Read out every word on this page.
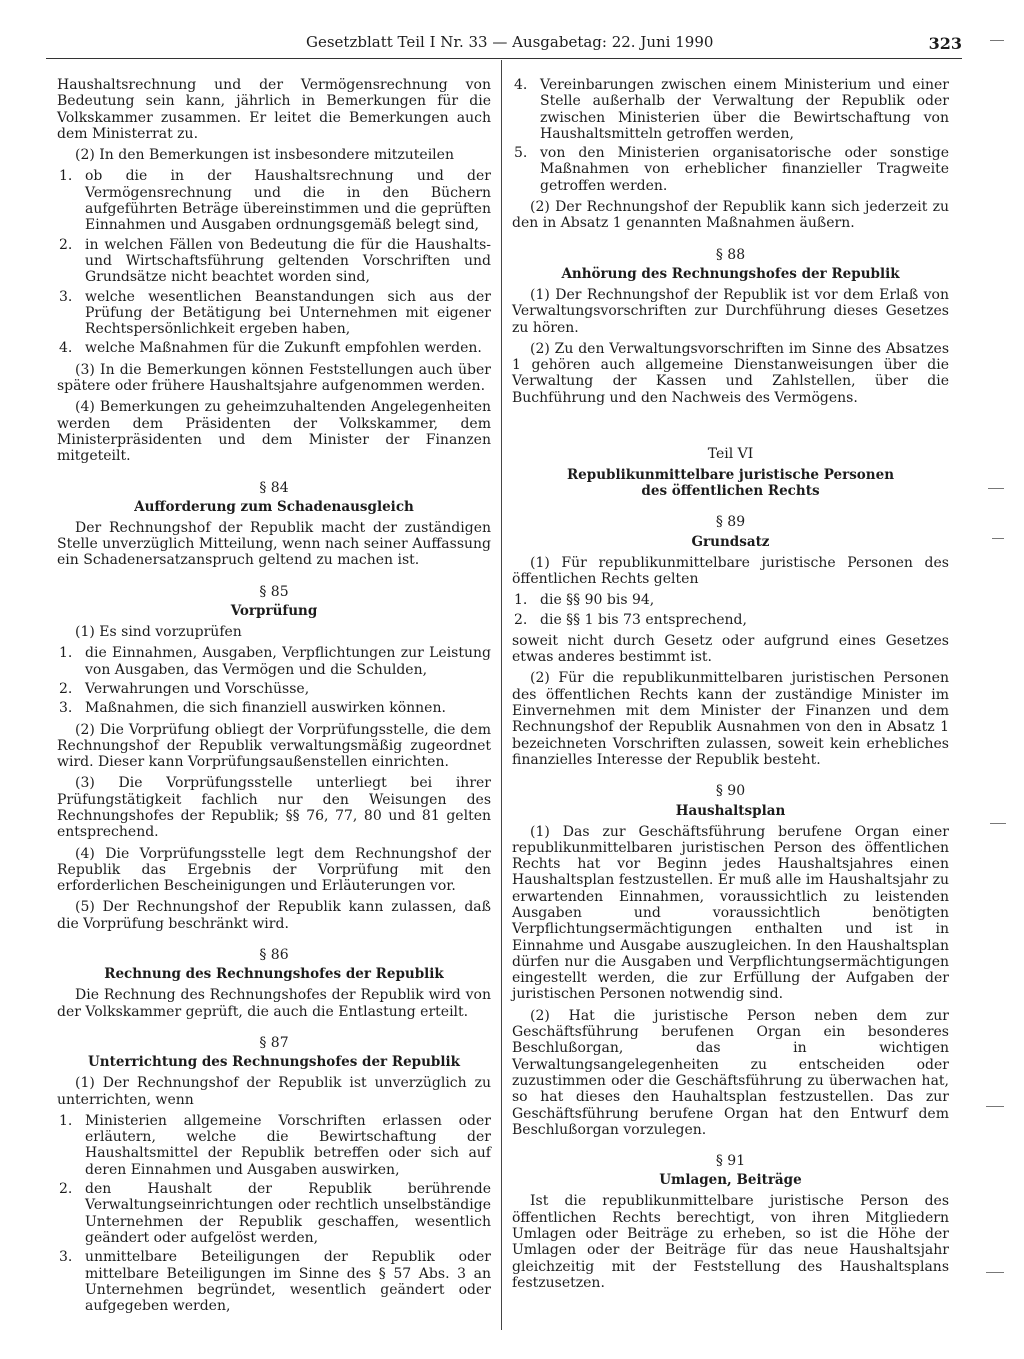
Gesetzblatt Teil I Nr. 33 — Ausgabetag: 22. Juni 1990	323

Haushaltsrechnung und der Vermögensrechnung von Bedeutung sein kann, jährlich in Bemerkungen für die Volkskammer zusammen. Er leitet die Bemerkungen auch dem Ministerrat zu.

(2) In den Bemerkungen ist insbesondere mitzuteilen

1. ob die in der Haushaltsrechnung und der Vermögensrechnung und die in den Büchern aufgeführten Beträge übereinstimmen und die geprüften Einnahmen und Ausgaben ordnungsgemäß belegt sind,
2. in welchen Fällen von Bedeutung die für die Haushalts- und Wirtschaftsführung geltenden Vorschriften und Grundsätze nicht beachtet worden sind,
3. welche wesentlichen Beanstandungen sich aus der Prüfung der Betätigung bei Unternehmen mit eigener Rechtspersönlichkeit ergeben haben,
4. welche Maßnahmen für die Zukunft empfohlen werden.

(3) In die Bemerkungen können Feststellungen auch über spätere oder frühere Haushaltsjahre aufgenommen werden.

(4) Bemerkungen zu geheimzuhaltenden Angelegenheiten werden dem Präsidenten der Volkskammer, dem Ministerpräsidenten und dem Minister der Finanzen mitgeteilt.

§ 84
Aufforderung zum Schadenausgleich

Der Rechnungshof der Republik macht der zuständigen Stelle unverzüglich Mitteilung, wenn nach seiner Auffassung ein Schadenersatzanspruch geltend zu machen ist.

§ 85
Vorprüfung

(1) Es sind vorzuprüfen

1. die Einnahmen, Ausgaben, Verpflichtungen zur Leistung von Ausgaben, das Vermögen und die Schulden,
2. Verwahrungen und Vorschüsse,
3. Maßnahmen, die sich finanziell auswirken können.

(2) Die Vorprüfung obliegt der Vorprüfungsstelle, die dem Rechnungshof der Republik verwaltungsmäßig zugeordnet wird. Dieser kann Vorprüfungsaußenstellen einrichten.

(3) Die Vorprüfungsstelle unterliegt bei ihrer Prüfungstätigkeit fachlich nur den Weisungen des Rechnungshofes der Republik; §§ 76, 77, 80 und 81 gelten entsprechend.

(4) Die Vorprüfungsstelle legt dem Rechnungshof der Republik das Ergebnis der Vorprüfung mit den erforderlichen Bescheinigungen und Erläuterungen vor.

(5) Der Rechnungshof der Republik kann zulassen, daß die Vorprüfung beschränkt wird.

§ 86
Rechnung des Rechnungshofes der Republik

Die Rechnung des Rechnungshofes der Republik wird von der Volkskammer geprüft, die auch die Entlastung erteilt.

§ 87
Unterrichtung des Rechnungshofes der Republik

(1) Der Rechnungshof der Republik ist unverzüglich zu unterrichten, wenn

1. Ministerien allgemeine Vorschriften erlassen oder erläutern, welche die Bewirtschaftung der Haushaltsmittel der Republik betreffen oder sich auf deren Einnahmen und Ausgaben auswirken,
2. den Haushalt der Republik berührende Verwaltungseinrichtungen oder rechtlich unselbständige Unternehmen der Republik geschaffen, wesentlich geändert oder aufgelöst werden,
3. unmittelbare Beteiligungen der Republik oder mittelbare Beteiligungen im Sinne des § 57 Abs. 3 an Unternehmen begründet, wesentlich geändert oder aufgegeben werden,
4. Vereinbarungen zwischen einem Ministerium und einer Stelle außerhalb der Verwaltung der Republik oder zwischen Ministerien über die Bewirtschaftung von Haushaltsmitteln getroffen werden,
5. von den Ministerien organisatorische oder sonstige Maßnahmen von erheblicher finanzieller Tragweite getroffen werden.

(2) Der Rechnungshof der Republik kann sich jederzeit zu den in Absatz 1 genannten Maßnahmen äußern.

§ 88
Anhörung des Rechnungshofes der Republik

(1) Der Rechnungshof der Republik ist vor dem Erlaß von Verwaltungsvorschriften zur Durchführung dieses Gesetzes zu hören.

(2) Zu den Verwaltungsvorschriften im Sinne des Absatzes 1 gehören auch allgemeine Dienstanweisungen über die Verwaltung der Kassen und Zahlstellen, über die Buchführung und den Nachweis des Vermögens.

Teil VI
Republikunmittelbare juristische Personen
des öffentlichen Rechts
§ 89
Grundsatz

(1) Für republikunmittelbare juristische Personen des öffentlichen Rechts gelten

1. die §§ 90 bis 94,
2. die §§ 1 bis 73 entsprechend,

soweit nicht durch Gesetz oder aufgrund eines Gesetzes etwas anderes bestimmt ist.

(2) Für die republikunmittelbaren juristischen Personen des öffentlichen Rechts kann der zuständige Minister im Einvernehmen mit dem Minister der Finanzen und dem Rechnungshof der Republik Ausnahmen von den in Absatz 1 bezeichneten Vorschriften zulassen, soweit kein erhebliches finanzielles Interesse der Republik besteht.

§ 90
Haushaltsplan

(1) Das zur Geschäftsführung berufene Organ einer republikunmittelbaren juristischen Person des öffentlichen Rechts hat vor Beginn jedes Haushaltsjahres einen Haushaltsplan festzustellen. Er muß alle im Haushaltsjahr zu erwartenden Einnahmen, voraussichtlich zu leistenden Ausgaben und voraussichtlich benötigten Verpflichtungsermächtigungen enthalten und ist in Einnahme und Ausgabe auszugleichen. In den Haushaltsplan dürfen nur die Ausgaben und Verpflichtungsermächtigungen eingestellt werden, die zur Erfüllung der Aufgaben der juristischen Personen notwendig sind.

(2) Hat die juristische Person neben dem zur Geschäftsführung berufenen Organ ein besonderes Beschlußorgan, das in wichtigen Verwaltungsangelegenheiten zu entscheiden oder zuzustimmen oder die Geschäftsführung zu überwachen hat, so hat dieses den Hauhaltsplan festzustellen. Das zur Geschäftsführung berufene Organ hat den Entwurf dem Beschlußorgan vorzulegen.

§ 91
Umlagen, Beiträge

Ist die republikunmittelbare juristische Person des öffentlichen Rechts berechtigt, von ihren Mitgliedern Umlagen oder Beiträge zu erheben, so ist die Höhe der Umlagen oder der Beiträge für das neue Haushaltsjahr gleichzeitig mit der Feststellung des Haushaltsplans festzusetzen.
